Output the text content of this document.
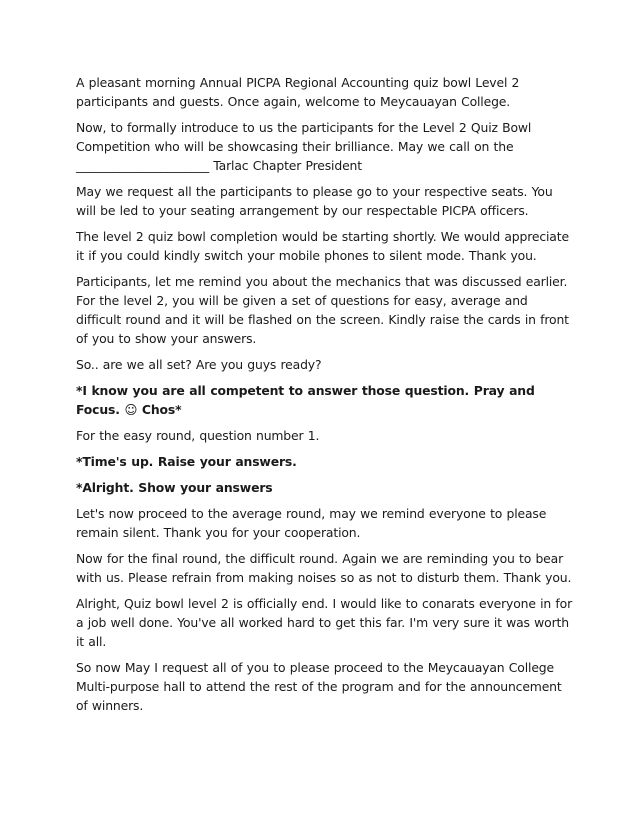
A pleasant morning Annual PICPA Regional Accounting quiz bowl Level 2 participants and guests. Once again, welcome to Meycauayan College.

Now, to formally introduce to us the participants for the Level 2 Quiz Bowl Competition who will be showcasing their brilliance. May we call on the ______________________ Tarlac Chapter President

May we request all the participants to please go to your respective seats. You will be led to your seating arrangement by our respectable PICPA officers.

The level 2 quiz bowl completion would be starting shortly. We would appreciate it if you could kindly switch your mobile phones to silent mode. Thank you.

Participants, let me remind you about the mechanics that was discussed earlier. For the level 2, you will be given a set of questions for easy, average and difficult round and it will be flashed on the screen. Kindly raise the cards in front of you to show your answers.

So.. are we all set? Are you guys ready?

*I know you are all competent to answer those question. Pray and Focus. ☺ Chos*

For the easy round, question number 1.

*Time's up. Raise your answers.

*Alright. Show your answers

Let's now proceed to the average round, may we remind everyone to please remain silent. Thank you for your cooperation.

Now for the final round, the difficult round. Again we are reminding you to bear with us. Please refrain from making noises so as not to disturb them. Thank you.

Alright, Quiz bowl level 2 is officially end. I would like to conarats everyone in for a job well done. You've all worked hard to get this far. I'm very sure it was worth it all.

So now May I request all of you to please proceed to the Meycauayan College Multi-purpose hall to attend the rest of the program and for the announcement of winners.
